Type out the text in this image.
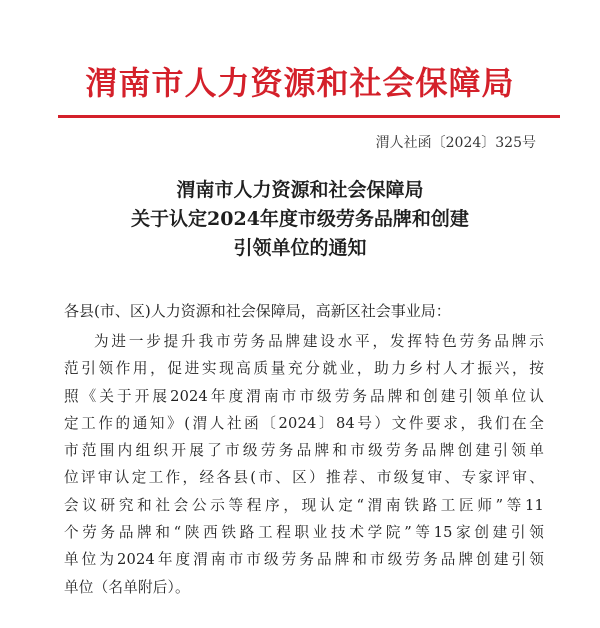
渭南市人力资源和社会保障局
渭人社函〔2024〕325号
渭南市人力资源和社会保障局
关于认定2024年度市级劳务品牌和创建
引领单位的通知
各县(市、区)人力资源和社会保障局，高新区社会事业局：
为进一步提升我市劳务品牌建设水平，发挥特色劳务品牌示
范引领作用，促进实现高质量充分就业，助力乡村人才振兴，按
照《关于开展2024年度渭南市市级劳务品牌和创建引领单位认
定工作的通知》(渭人社函〔2024〕84号）文件要求，我们在全
市范围内组织开展了市级劳务品牌和市级劳务品牌创建引领单
位评审认定工作，经各县(市、区）推荐、市级复审、专家评审、
会议研究和社会公示等程序，现认定“渭南铁路工匠师”等11
个劳务品牌和“陕西铁路工程职业技术学院”等15家创建引领
单位为2024年度渭南市市级劳务品牌和市级劳务品牌创建引领
单位（名单附后）。
